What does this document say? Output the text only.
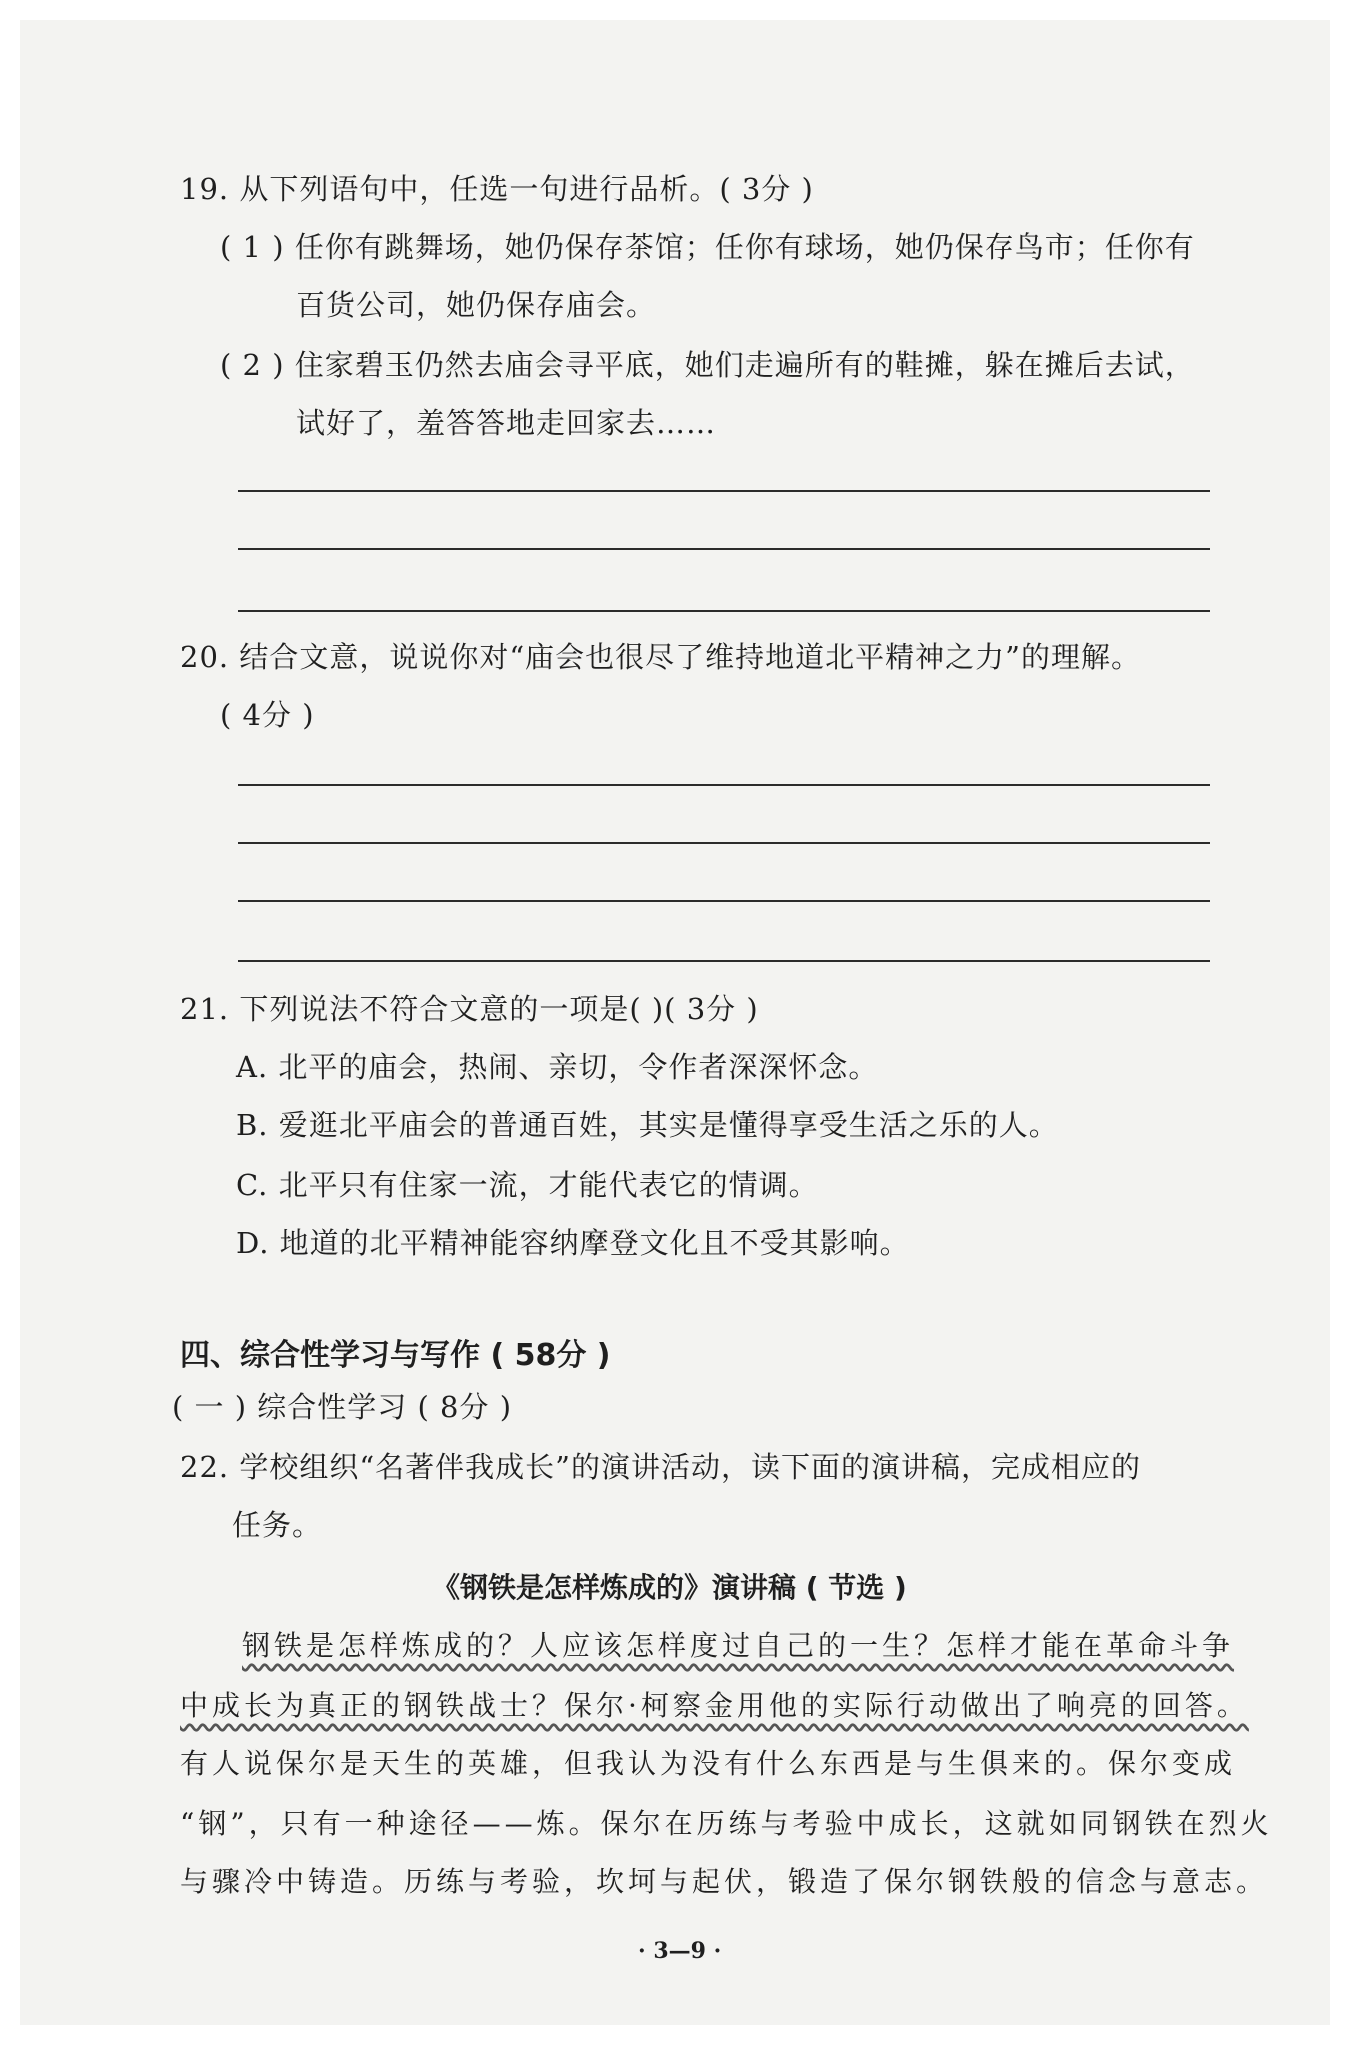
19. 从下列语句中，任选一句进行品析。( 3分 )
( 1 ) 任你有跳舞场，她仍保存茶馆；任你有球场，她仍保存鸟市；任你有
百货公司，她仍保存庙会。
( 2 ) 住家碧玉仍然去庙会寻平底，她们走遍所有的鞋摊，躲在摊后去试，
试好了，羞答答地走回家去……
20. 结合文意，说说你对“庙会也很尽了维持地道北平精神之力”的理解。
( 4分 )
21. 下列说法不符合文意的一项是( )( 3分 )
A. 北平的庙会，热闹、亲切，令作者深深怀念。
B. 爱逛北平庙会的普通百姓，其实是懂得享受生活之乐的人。
C. 北平只有住家一流，才能代表它的情调。
D. 地道的北平精神能容纳摩登文化且不受其影响。
四、综合性学习与写作 ( 58分 )
( 一 ) 综合性学习 ( 8分 )
22. 学校组织“名著伴我成长”的演讲活动，读下面的演讲稿，完成相应的
任务。
《钢铁是怎样炼成的》演讲稿 ( 节选 )
钢铁是怎样炼成的？人应该怎样度过自己的一生？怎样才能在革命斗争
中成长为真正的钢铁战士？保尔·柯察金用他的实际行动做出了响亮的回答。
有人说保尔是天生的英雄，但我认为没有什么东西是与生俱来的。保尔变成
“钢”，只有一种途径——炼。保尔在历练与考验中成长，这就如同钢铁在烈火
与骤冷中铸造。历练与考验，坎坷与起伏，锻造了保尔钢铁般的信念与意志。
· 3—9 ·
